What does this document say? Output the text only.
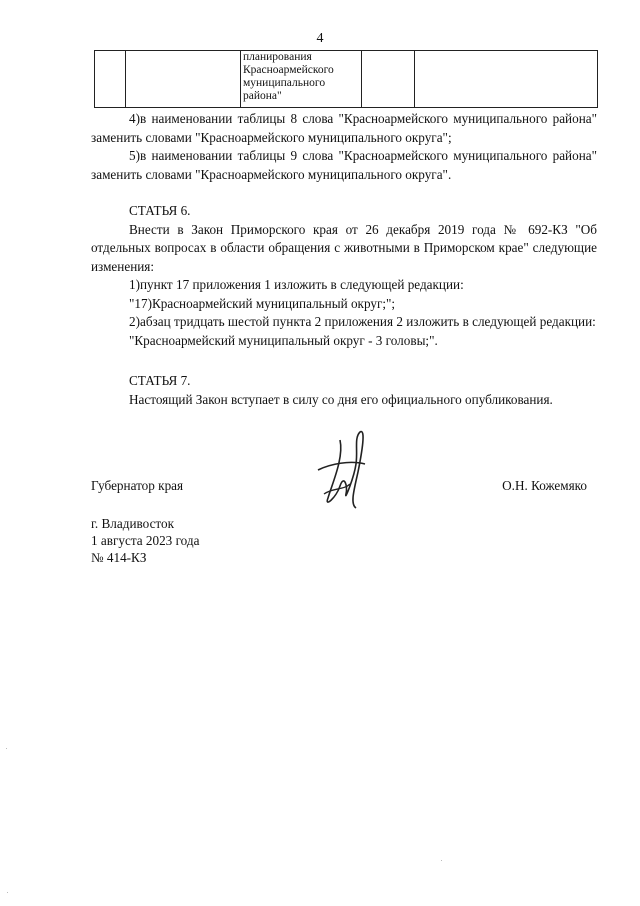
4
		планирования Красноармейского муниципального района"		

4)в наименовании таблицы 8 слова "Красноармейского муниципального района" заменить словами "Красноармейского муниципального округа";

5)в наименовании таблицы 9 слова "Красноармейского муниципального района" заменить словами "Красноармейского муниципального округа".

СТАТЬЯ 6.

Внести в Закон Приморского края от 26 декабря 2019 года № 692-КЗ "Об отдельных вопросах в области обращения с животными в Приморском крае" следующие изменения:

1)пункт 17 приложения 1 изложить в следующей редакции:

"17)Красноармейский муниципальный округ;";

2)абзац тридцать шестой пункта 2 приложения 2 изложить в следующей редакции:

"Красноармейский муниципальный округ - 3 головы;".

СТАТЬЯ 7.

Настоящий Закон вступает в силу со дня его официального опубликования.

Губернатор края	О.Н. Кожемяко
г. Владивосток
1 августа 2023 года
№ 414-КЗ
